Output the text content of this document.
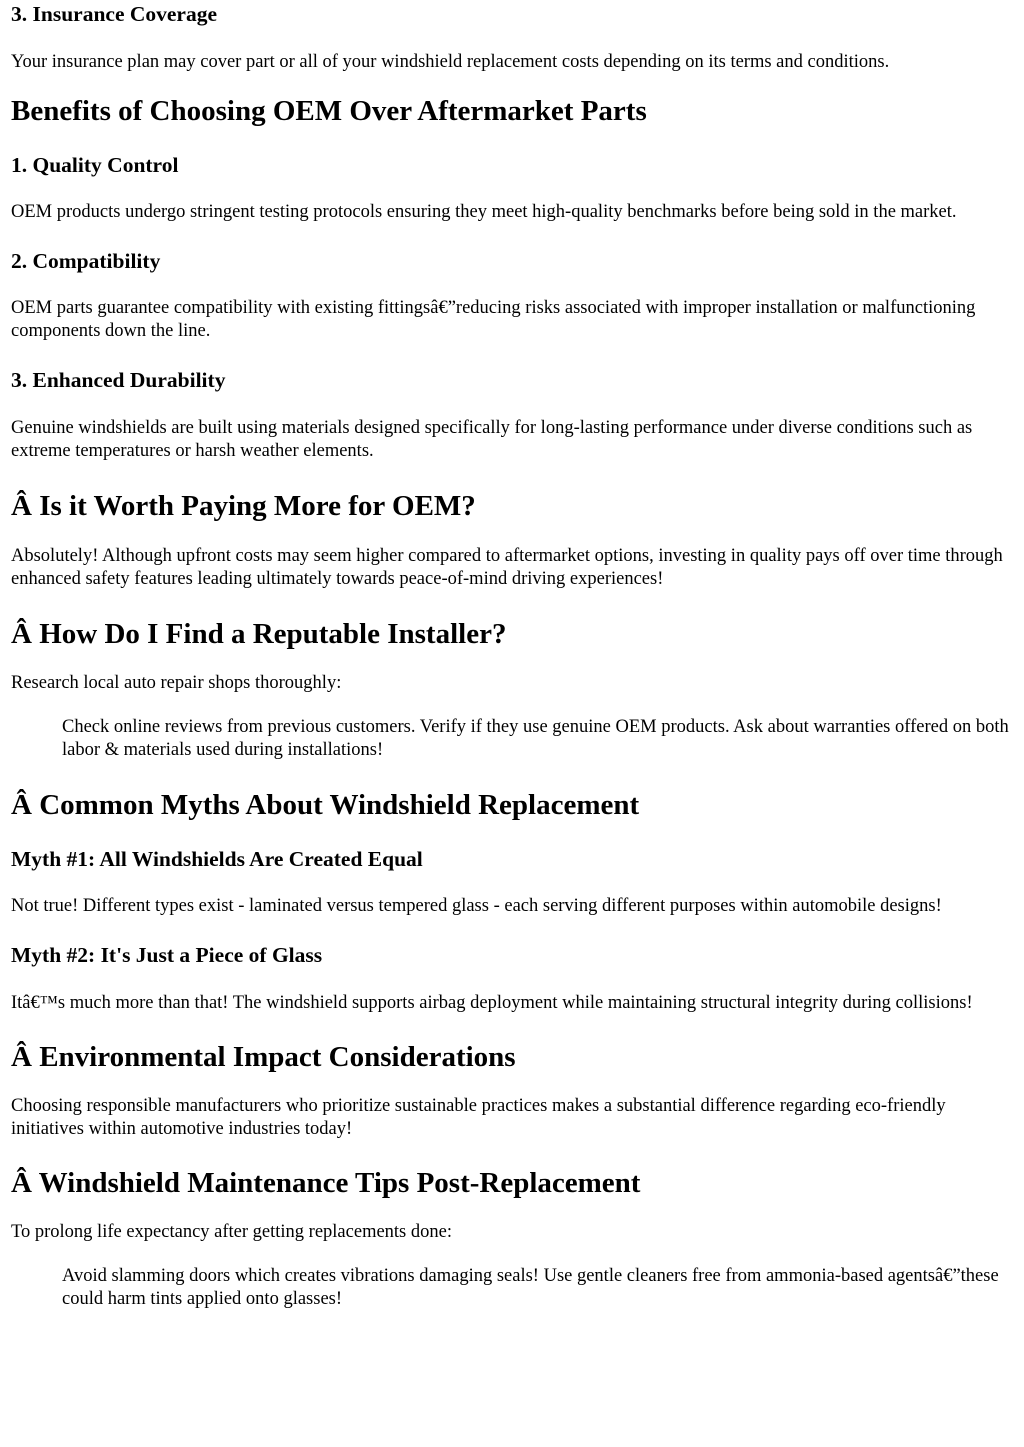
3. Insurance Coverage

Your insurance plan may cover part or all of your windshield replacement costs depending on its terms and conditions.

Benefits of Choosing OEM Over Aftermarket Parts
1. Quality Control

OEM products undergo stringent testing protocols ensuring they meet high-quality benchmarks before being sold in the market.

2. Compatibility

OEM parts guarantee compatibility with existing fittingsâ€”reducing risks associated with improper installation or malfunctioning components down the line.

3. Enhanced Durability

Genuine windshields are built using materials designed specifically for long-lasting performance under diverse conditions such as extreme temperatures or harsh weather elements.

Â Is it Worth Paying More for OEM?

Absolutely! Although upfront costs may seem higher compared to aftermarket options, investing in quality pays off over time through enhanced safety features leading ultimately towards peace-of-mind driving experiences!

Â How Do I Find a Reputable Installer?

Research local auto repair shops thoroughly:

Check online reviews from previous customers. Verify if they use genuine OEM products. Ask about warranties offered on both labor & materials used during installations!
Â Common Myths About Windshield Replacement
Myth #1: All Windshields Are Created Equal

Not true! Different types exist - laminated versus tempered glass - each serving different purposes within automobile designs!

Myth #2: It's Just a Piece of Glass

Itâ€™s much more than that! The windshield supports airbag deployment while maintaining structural integrity during collisions!

Â Environmental Impact Considerations

Choosing responsible manufacturers who prioritize sustainable practices makes a substantial difference regarding eco-friendly initiatives within automotive industries today!

Â Windshield Maintenance Tips Post-Replacement

To prolong life expectancy after getting replacements done:

Avoid slamming doors which creates vibrations damaging seals! Use gentle cleaners free from ammonia-based agentsâ€”these could harm tints applied onto glasses!
